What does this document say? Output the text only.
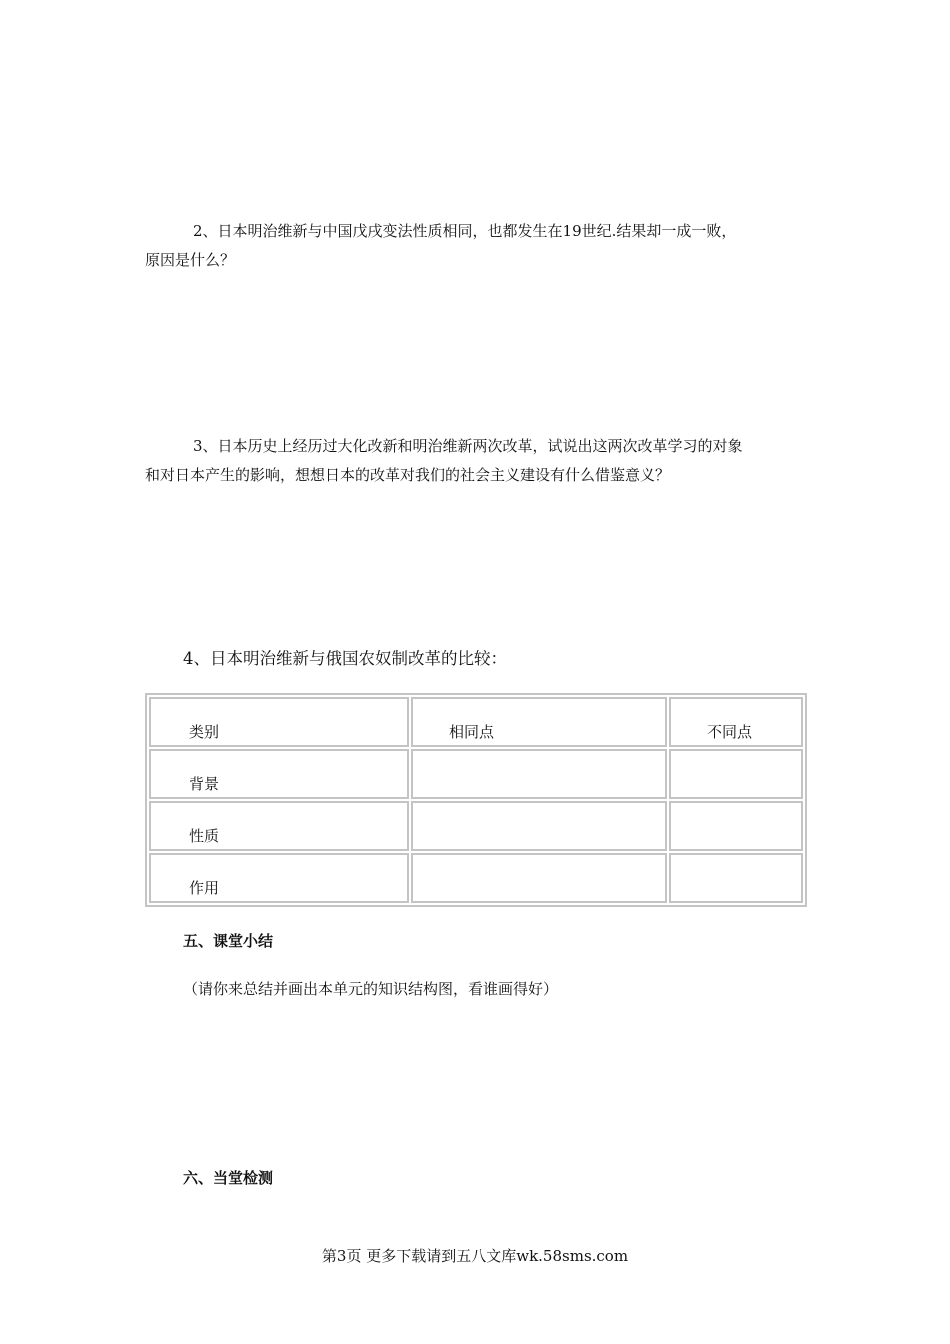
2、日本明治维新与中国戊戌变法性质相同，也都发生在19世纪.结果却一成一败，
原因是什么？
3、日本历史上经历过大化改新和明治维新两次改革，试说出这两次改革学习的对象
和对日本产生的影响，想想日本的改革对我们的社会主义建设有什么借鉴意义？

4、日本明治维新与俄国农奴制改革的比较：

类别	相同点	不同点
背景		
性质		
作用		

五、课堂小结

（请你来总结并画出本单元的知识结构图，看谁画得好）

六、当堂检测

第3页 更多下载请到五八文库wk.58sms.com
